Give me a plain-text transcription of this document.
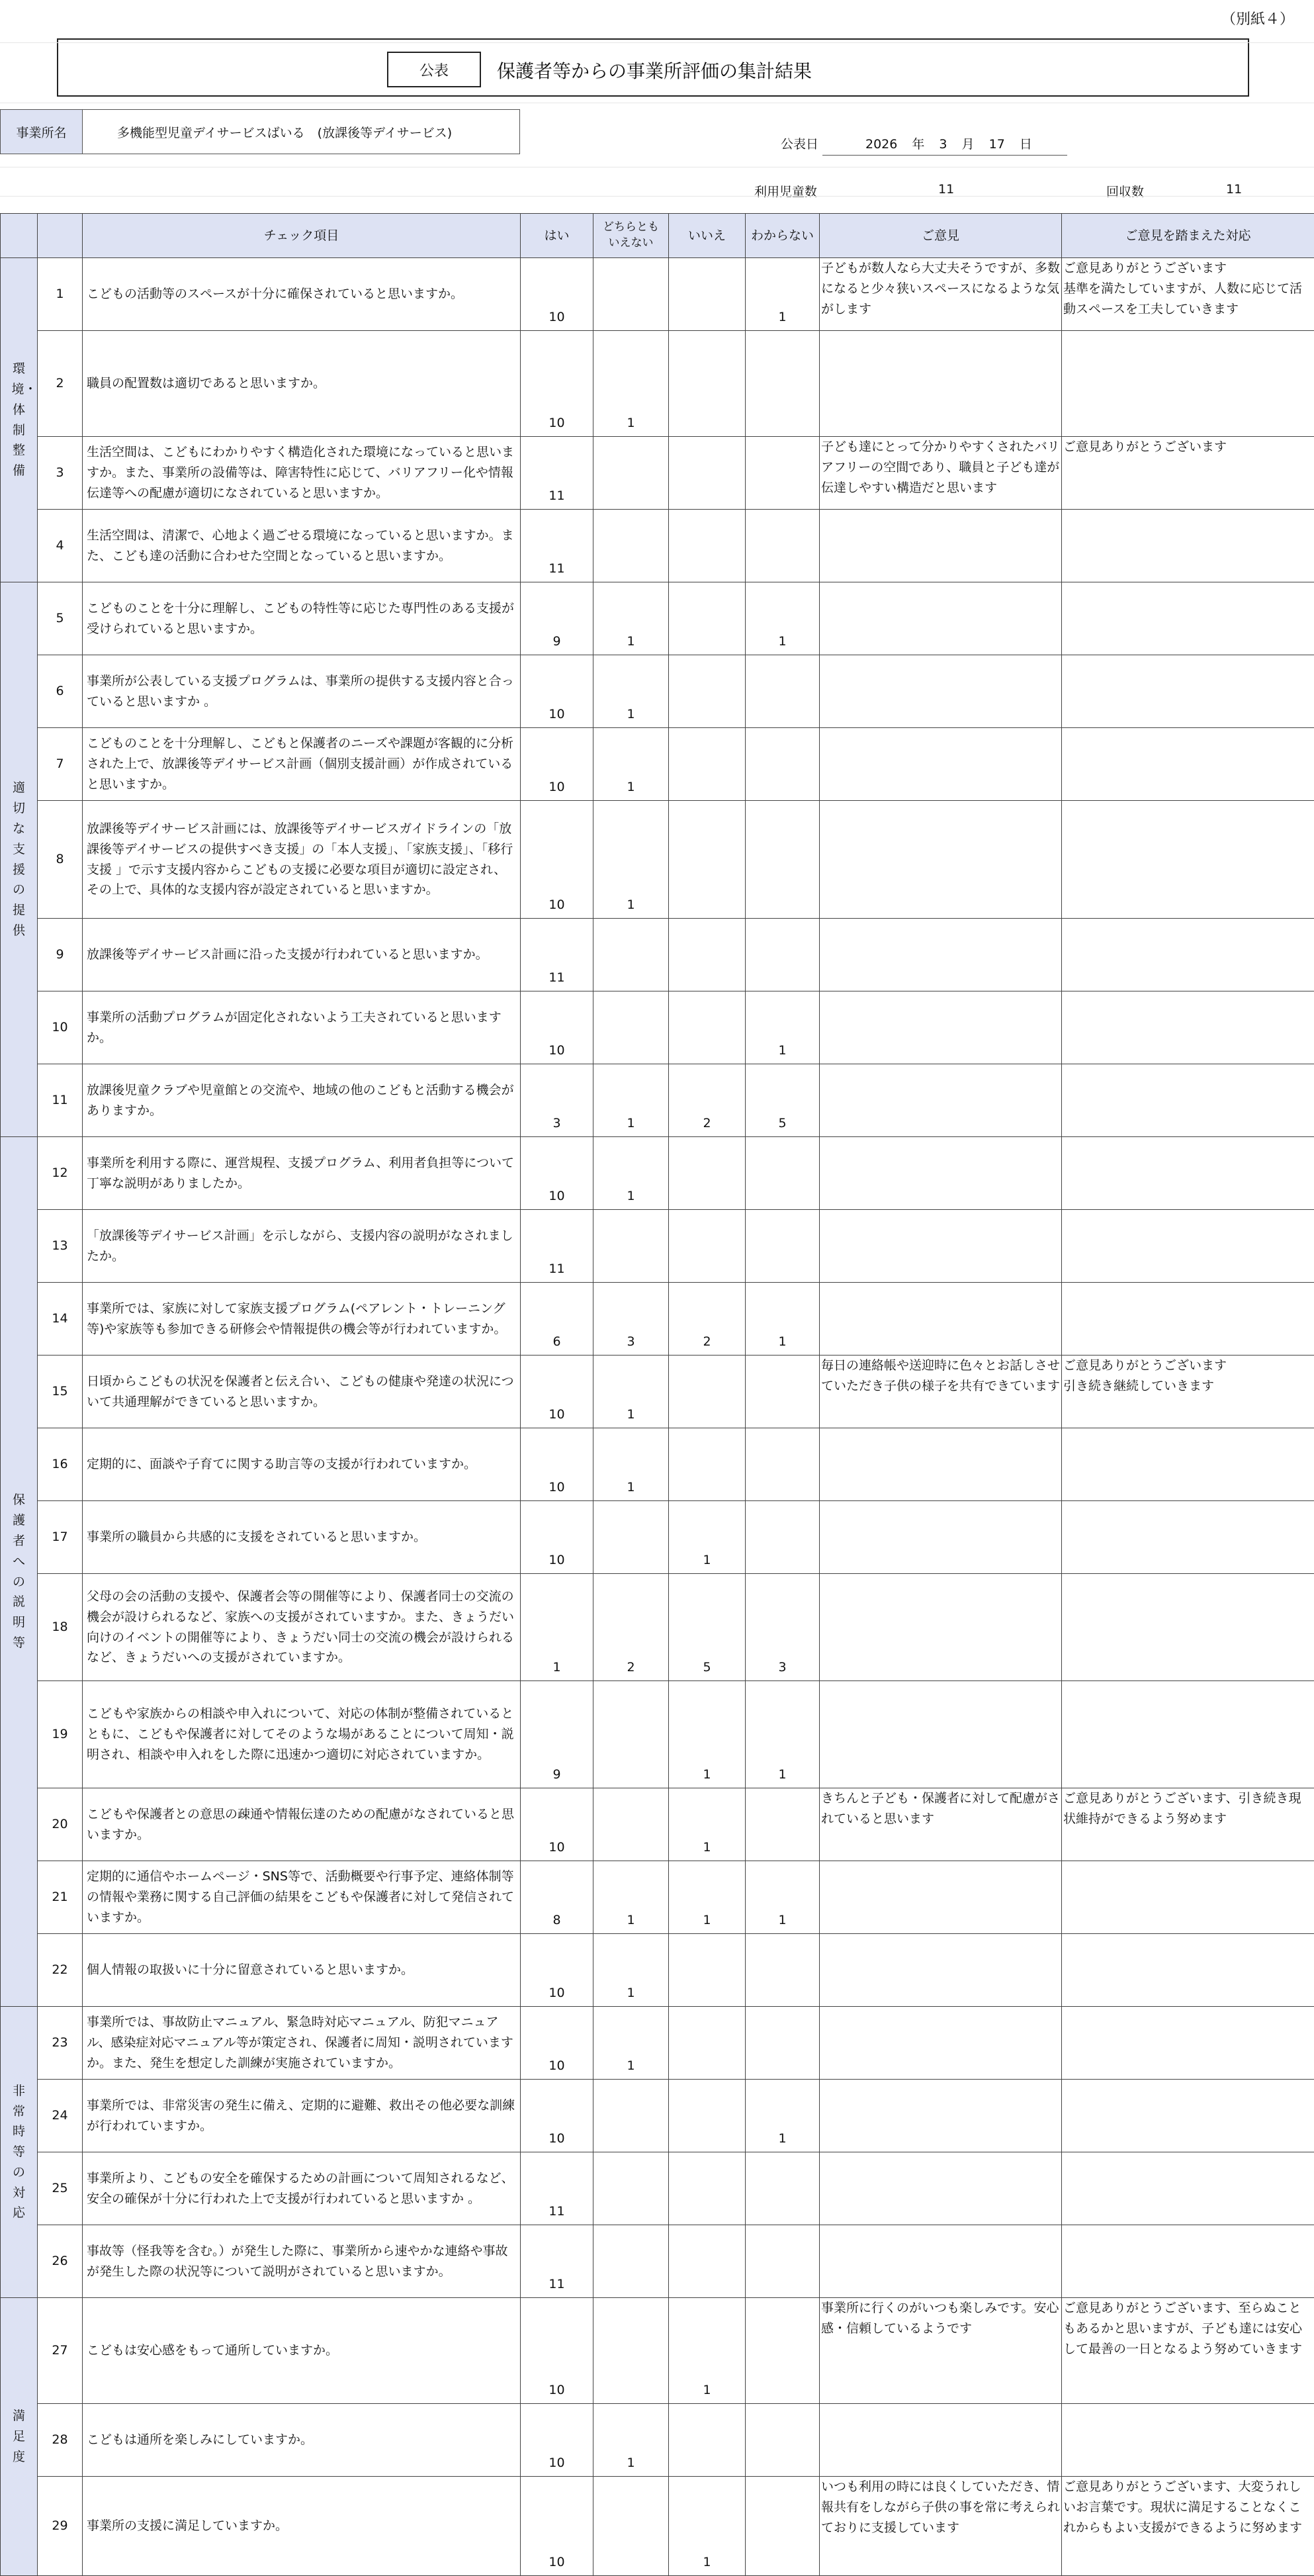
（別紙４）
公表	保護者等からの事業所評価の集計結果
事業所名	多機能型児童デイサービスばいる　(放課後等デイサービス)
公表日	2026 年 3 月 17 日
利用児童数	11	回収数	11
		チェック項目	はい	どちらとも
いえない	いいえ	わからない	ご意見	ご意見を踏まえた対応
環境・体制整備	1	こどもの活動等のスペースが十分に確保されていると思いますか。	10			1	子どもが数人なら大丈夫そうですが、多数になると少々狭いスペースになるような気がします	ご意見ありがとうございます
基準を満たしていますが、人数に応じて活動スペースを工夫していきます
	2	職員の配置数は適切であると思いますか。	10	1				
	3	生活空間は、こどもにわかりやすく構造化された環境になっていると思いますか。また、事業所の設備等は、障害特性に応じて、バリアフリー化や情報伝達等への配慮が適切になされていると思いますか。	11				子ども達にとって分かりやすくされたバリアフリーの空間であり、職員と子ども達が伝達しやすい構造だと思います	ご意見ありがとうございます
	4	生活空間は、清潔で、心地よく過ごせる環境になっていると思いますか。また、こども達の活動に合わせた空間となっていると思いますか。	11					
適切な支援の提供	5	こどものことを十分に理解し、こどもの特性等に応じた専門性のある支援が受けられていると思いますか。	9	1		1		
	6	事業所が公表している支援プログラムは、事業所の提供する支援内容と合っていると思いますか 。	10	1				
	7	こどものことを十分理解し、こどもと保護者のニーズや課題が客観的に分析された上で、放課後等デイサービス計画（個別支援計画）が作成されていると思いますか。	10	1				
	8	放課後等デイサービス計画には、放課後等デイサービスガイドラインの「放課後等デイサービスの提供すべき支援」の「本人支援」、「家族支援」、「移行支援 」で示す支援内容からこどもの支援に必要な項目が適切に設定され、その上で、具体的な支援内容が設定されていると思いますか。	10	1				
	9	放課後等デイサービス計画に沿った支援が行われていると思いますか。	11					
	10	事業所の活動プログラムが固定化されないよう工夫されていると思いますか。	10			1		
	11	放課後児童クラブや児童館との交流や、地域の他のこどもと活動する機会がありますか。	3	1	2	5		
保護者への説明等	12	事業所を利用する際に、運営規程、支援プログラム、利用者負担等について丁寧な説明がありましたか。	10	1				
	13	「放課後等デイサービス計画」を示しながら、支援内容の説明がなされましたか。	11					
	14	事業所では、家族に対して家族支援プログラム(ペアレント・トレーニング等)や家族等も参加できる研修会や情報提供の機会等が行われていますか。	6	3	2	1		
	15	日頃からこどもの状況を保護者と伝え合い、こどもの健康や発達の状況について共通理解ができていると思いますか。	10	1			毎日の連絡帳や送迎時に色々とお話しさせていただき子供の様子を共有できています	ご意見ありがとうございます
引き続き継続していきます
	16	定期的に、面談や子育てに関する助言等の支援が行われていますか。	10	1				
	17	事業所の職員から共感的に支援をされていると思いますか。	10		1			
	18	父母の会の活動の支援や、保護者会等の開催等により、保護者同士の交流の機会が設けられるなど、家族への支援がされていますか。また、きょうだい向けのイベントの開催等により、きょうだい同士の交流の機会が設けられるなど、きょうだいへの支援がされていますか。	1	2	5	3		
	19	こどもや家族からの相談や申入れについて、対応の体制が整備されているとともに、こどもや保護者に対してそのような場があることについて周知・説明され、相談や申入れをした際に迅速かつ適切に対応されていますか。	9		1	1		
	20	こどもや保護者との意思の疎通や情報伝達のための配慮がなされていると思いますか。	10		1		きちんと子ども・保護者に対して配慮がされていると思います	ご意見ありがとうございます、引き続き現状維持ができるよう努めます
	21	定期的に通信やホームページ・SNS等で、活動概要や行事予定、連絡体制等の情報や業務に関する自己評価の結果をこどもや保護者に対して発信されていますか。	8	1	1	1		
	22	個人情報の取扱いに十分に留意されていると思いますか。	10	1				
非常時等の対応	23	事業所では、事故防止マニュアル、緊急時対応マニュアル、防犯マニュアル、感染症対応マニュアル等が策定され、保護者に周知・説明されていますか。また、発生を想定した訓練が実施されていますか。	10	1				
	24	事業所では、非常災害の発生に備え、定期的に避難、救出その他必要な訓練が行われていますか。	10			1		
	25	事業所より、こどもの安全を確保するための計画について周知されるなど、安全の確保が十分に行われた上で支援が行われていると思いますか 。	11					
	26	事故等（怪我等を含む。）が発生した際に、事業所から速やかな連絡や事故が発生した際の状況等について説明がされていると思いますか。	11					
満足度	27	こどもは安心感をもって通所していますか。	10		1		事業所に行くのがいつも楽しみです。安心感・信頼しているようです	ご意見ありがとうございます、至らぬこともあるかと思いますが、子ども達には安心して最善の一日となるよう努めていきます
	28	こどもは通所を楽しみにしていますか。	10	1				
	29	事業所の支援に満足していますか。	10		1		いつも利用の時には良くしていただき、情報共有をしながら子供の事を常に考えられておりに支援しています	ご意見ありがとうございます、大変うれしいお言葉です。現状に満足することなくこれからもよい支援ができるように努めます
